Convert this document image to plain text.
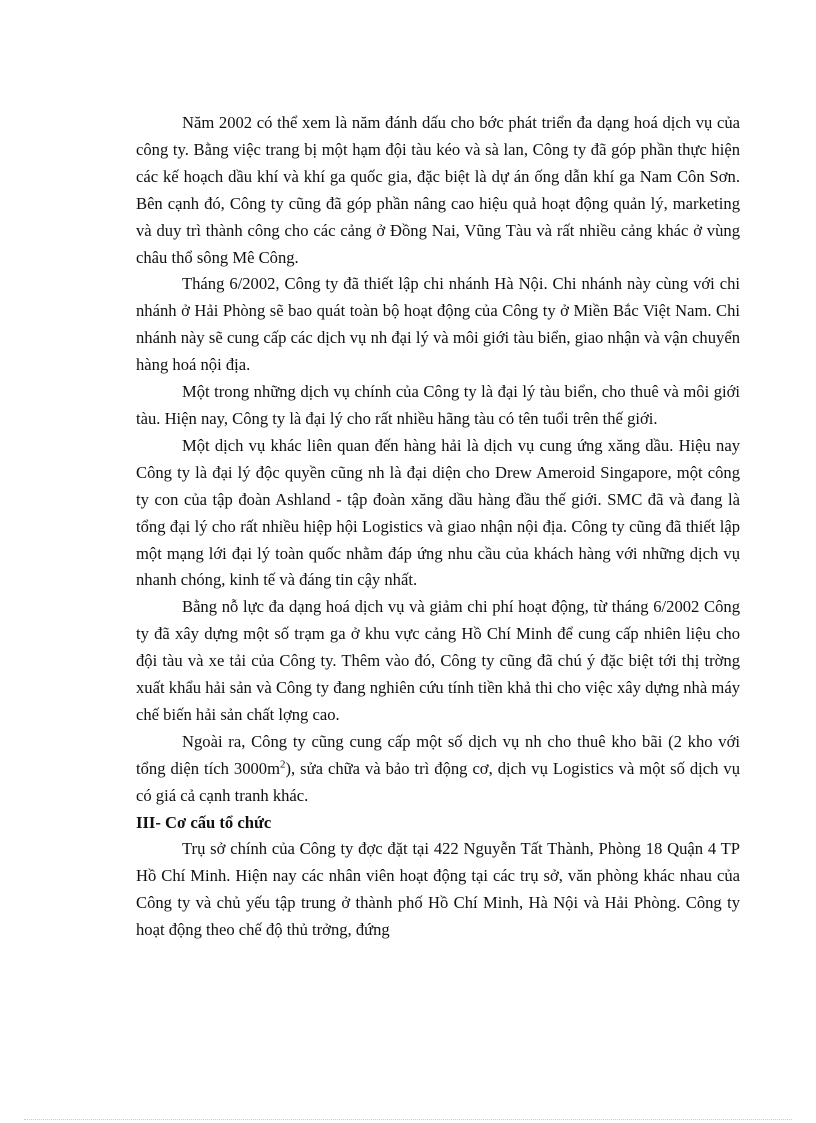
Năm 2002 có thể xem là năm đánh dấu cho bớc phát triển đa dạng hoá dịch vụ của công ty. Bằng việc trang bị một hạm đội tàu kéo và sà lan, Công ty đã góp phần thực hiện các kế hoạch dầu khí và khí ga quốc gia, đặc biệt là dự án ống dẫn khí ga Nam Côn Sơn. Bên cạnh đó, Công ty cũng đã góp phần nâng cao hiệu quả hoạt động quản lý, marketing và duy trì thành công cho các cảng ở Đồng Nai, Vũng Tàu và rất nhiều cảng khác ở vùng châu thổ sông Mê Công.

Tháng 6/2002, Công ty đã thiết lập chi nhánh Hà Nội. Chi nhánh này cùng với chi nhánh ở Hải Phòng sẽ bao quát toàn bộ hoạt động của Công ty ở Miền Bắc Việt Nam. Chi nhánh này sẽ cung cấp các dịch vụ nh đại lý và môi giới tàu biển, giao nhận và vận chuyển hàng hoá nội địa.

Một trong những dịch vụ chính của Công ty là đại lý tàu biển, cho thuê và môi giới tàu. Hiện nay, Công ty là đại lý cho rất nhiều hãng tàu có tên tuổi trên thế giới.

Một dịch vụ khác liên quan đến hàng hải là dịch vụ cung ứng xăng dầu. Hiệu nay Công ty là đại lý độc quyền cũng nh là đại diện cho Drew Ameroid Singapore, một công ty con của tập đoàn Ashland - tập đoàn xăng dầu hàng đầu thế giới. SMC đã và đang là tổng đại lý cho rất nhiều hiệp hội Logistics và giao nhận nội địa. Công ty cũng đã thiết lập một mạng lới đại lý toàn quốc nhằm đáp ứng nhu cầu của khách hàng với những dịch vụ nhanh chóng, kinh tế và đáng tin cậy nhất.

Bằng nỗ lực đa dạng hoá dịch vụ và giảm chi phí hoạt động, từ tháng 6/2002 Công ty đã xây dựng một số trạm ga ở khu vực cảng Hồ Chí Minh để cung cấp nhiên liệu cho đội tàu và xe tải của Công ty. Thêm vào đó, Công ty cũng đã chú ý đặc biệt tới thị trờng xuất khẩu hải sản và Công ty đang nghiên cứu tính tiền khả thi cho việc xây dựng nhà máy chế biến hải sản chất lợng cao.

Ngoài ra, Công ty cũng cung cấp một số dịch vụ nh cho thuê kho bãi (2 kho với tổng diện tích $3000m^2$), sửa chữa và bảo trì động cơ, dịch vụ Logistics và một số dịch vụ có giá cả cạnh tranh khác.

III- Cơ cấu tổ chức

Trụ sở chính của Công ty đợc đặt tại 422 Nguyễn Tất Thành, Phòng 18 Quận 4 TP Hồ Chí Minh. Hiện nay các nhân viên hoạt động tại các trụ sở, văn phòng khác nhau của Công ty và chủ yếu tập trung ở thành phố Hồ Chí Minh, Hà Nội và Hải Phòng. Công ty hoạt động theo chế độ thủ trởng, đứng
